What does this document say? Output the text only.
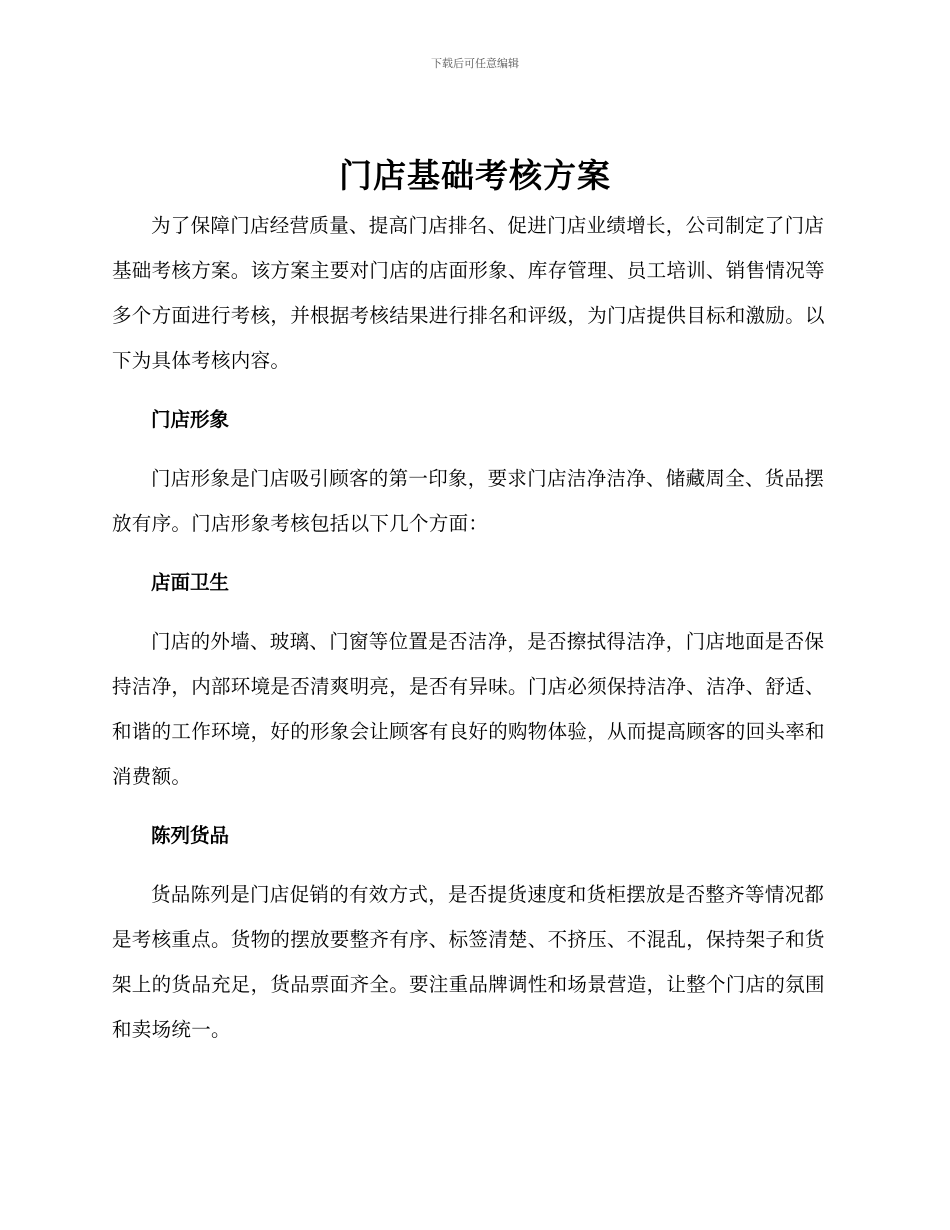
下载后可任意编辑
门店基础考核方案

为了保障门店经营质量、提高门店排名、促进门店业绩增长，公司制定了门店基础考核方案。该方案主要对门店的店面形象、库存管理、员工培训、销售情况等多个方面进行考核，并根据考核结果进行排名和评级，为门店提供目标和激励。以下为具体考核内容。

门店形象

门店形象是门店吸引顾客的第一印象，要求门店洁净洁净、储藏周全、货品摆放有序。门店形象考核包括以下几个方面：

店面卫生

门店的外墙、玻璃、门窗等位置是否洁净，是否擦拭得洁净，门店地面是否保持洁净，内部环境是否清爽明亮，是否有异味。门店必须保持洁净、洁净、舒适、和谐的工作环境，好的形象会让顾客有良好的购物体验，从而提高顾客的回头率和消费额。

陈列货品

货品陈列是门店促销的有效方式，是否提货速度和货柜摆放是否整齐等情况都是考核重点。货物的摆放要整齐有序、标签清楚、不挤压、不混乱，保持架子和货架上的货品充足，货品票面齐全。要注重品牌调性和场景营造，让整个门店的氛围和卖场统一。
